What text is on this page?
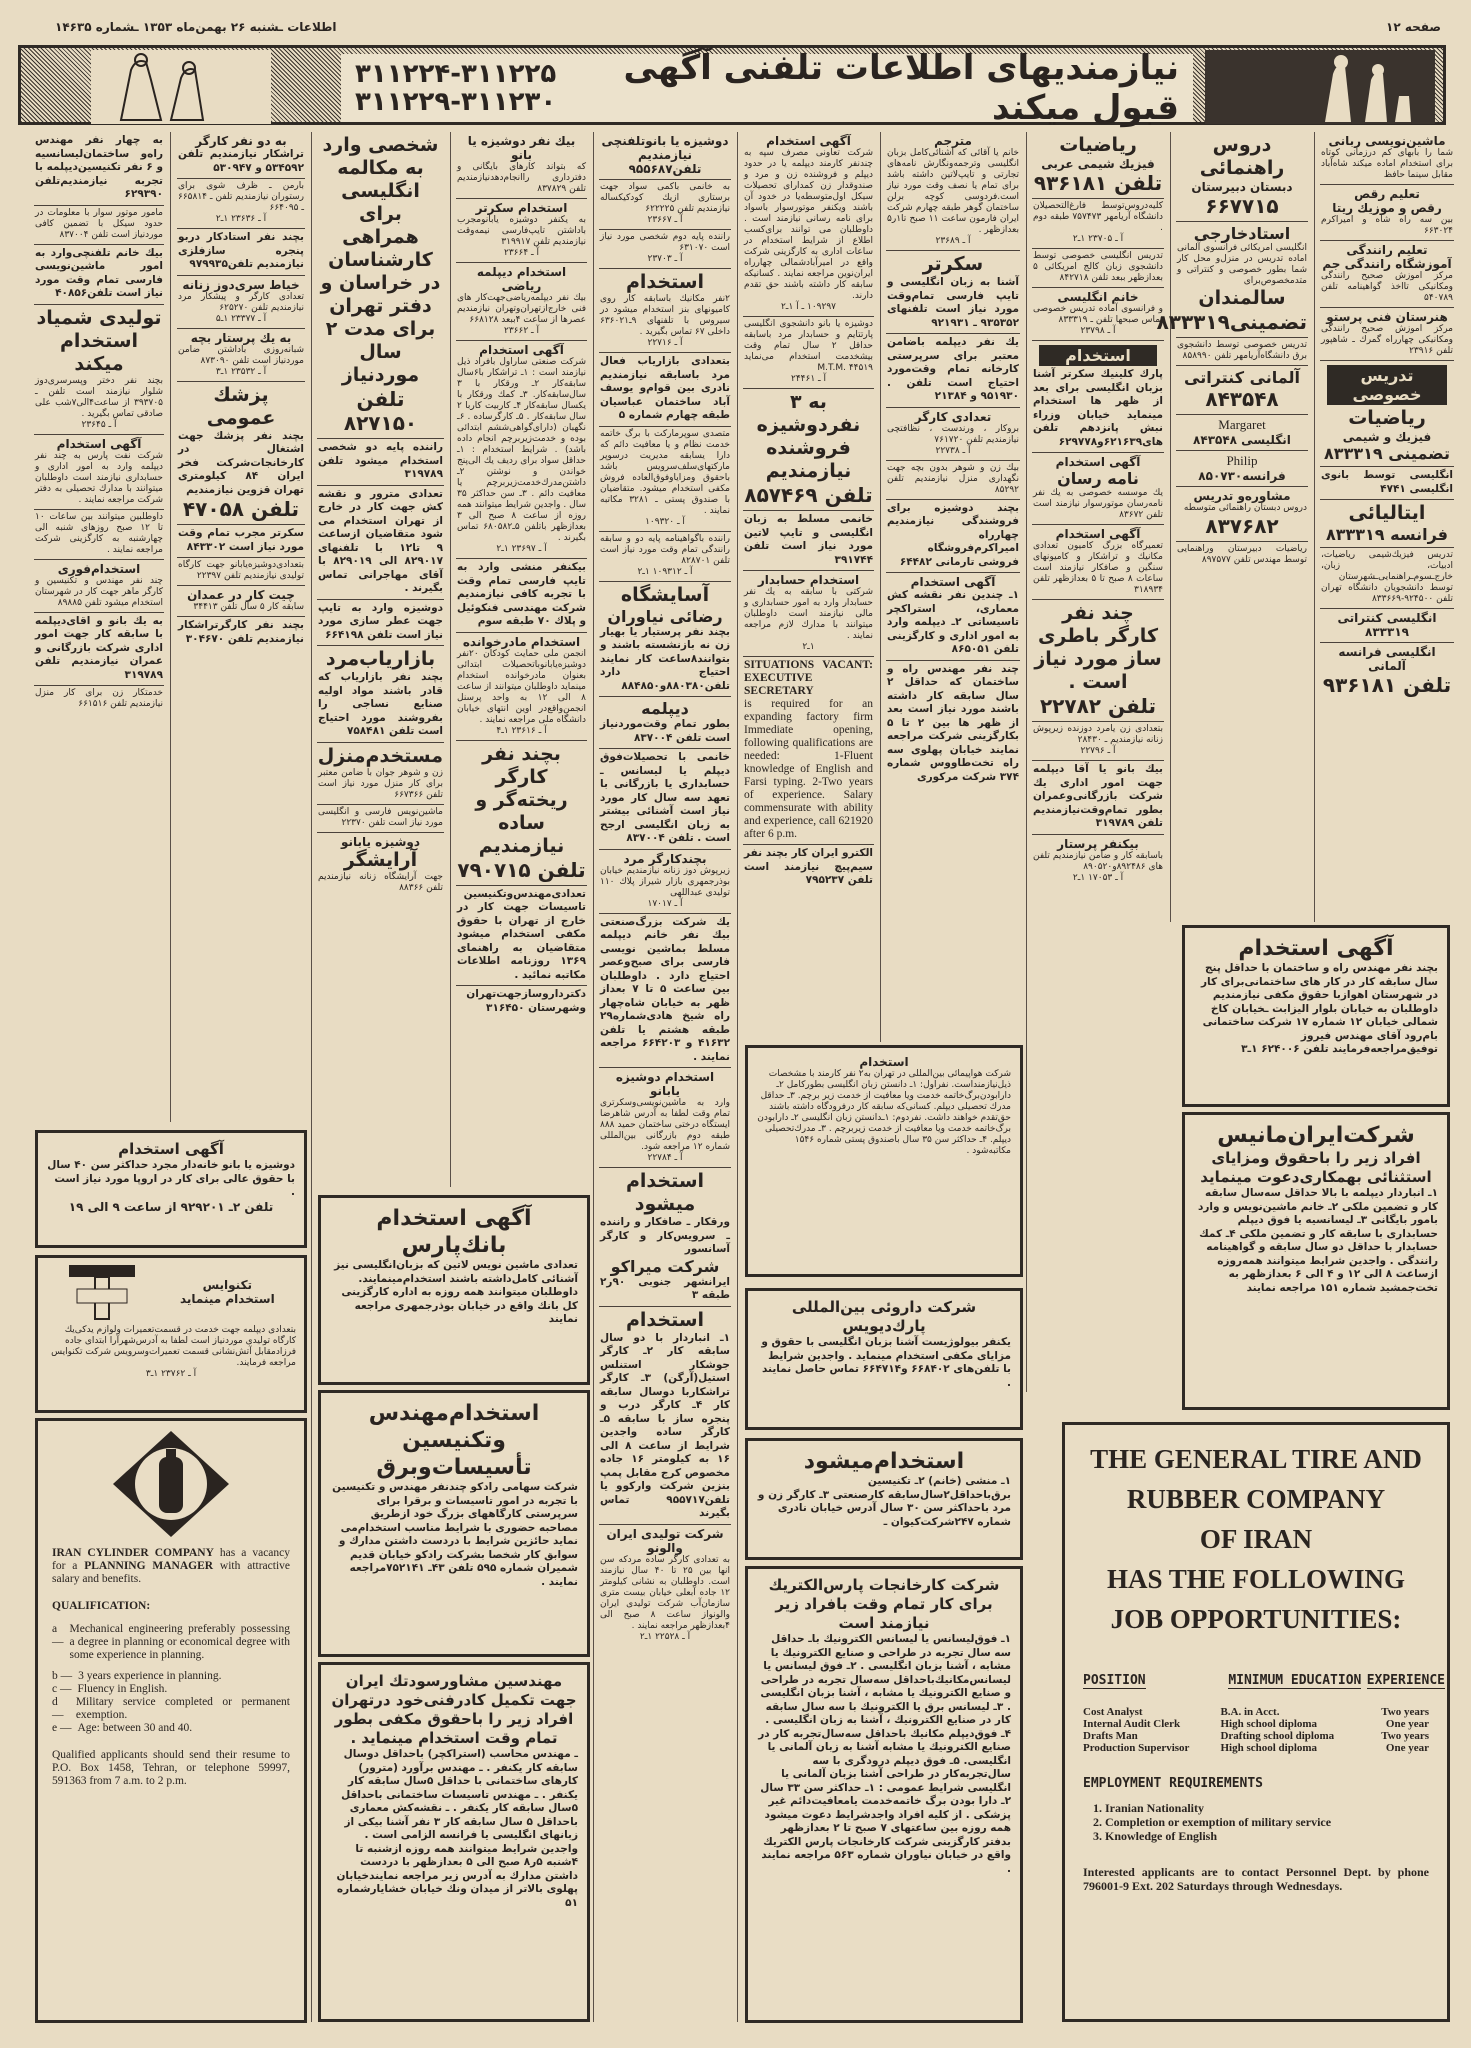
اطلاعات ـشنبه ۲۶ بهمن‌ماه ۱۳۵۳ ـشماره ۱۴۶۳۵	صفحه ۱۲
نیازمندیهای اطلاعات تلفنی آگهی قبول میکند
۳۱۱۲۲۴-۳۱۱۲۲۵
۳۱۱۲۲۹-۳۱۱۲۳۰
به چهار نفر مهندس راه‌و ساختمان‌لیسانسیه و ۶ نفر تکنیسین‌دیپلمه با تجربه نیازمندیم‌تلفن ۶۲۹۳۹۰
مامور موتور سوار با معلومات در حدود سیکل با تضمین کافی موردنیاز است تلفن ۸۳۷۰۰۴
بیك خانم تلفنچی‌وارد به امور ماشین‌نویسی فارسی تمام وقت مورد نیاز است تلفن۴۰۸۵۶
تولیدی شمیاد استخدام میکند
بچند نفر دختر وپسرسری‌دوز شلوار نیازمند است تلفن ـ ۳۹۳۷۰۵ از ساعت۴الی۷شب علی صادقی تماس بگیرید .
آ ـ ۲۳۶۴۵
آگهی استخدام
شرکت نفت پارس به چند نفر دیپلمه وارد به امور اداری و حسابداری نیازمند است داوطلبان میتوانند با مدارك تحصیلی به دفتر شرکت مراجعه نمایند .
داوطلبین میتوانند بین ساعات ۱۰ تا ۱۲ صبح روزهای شنبه الی چهارشنبه به کارگزینی شرکت مراجعه نمایند .
استخدام‌فوری
چند نفر مهندس و تکنیسین و کارگر ماهر جهت کار در شهرستان استخدام میشود تلفن ۸۹۸۸۵
به یك بانو و اقای‌دیپلمه با سابقه کار جهت امور اداری شرکت بازرگانی و عمران نیازمندیم تلفن ۳۱۹۷۸۹
خدمتکار زن برای کار منزل نیازمندیم تلفن ۶۶۱۵۱۶
به دو نفر کارگر
تراشکار نیازمندیم تلفن ۵۳۴۵۹۲ و ۵۳۰۹۴۷
بارمن ـ ظرف شوی برای رستوران نیازمندیم تلفن ـ ۶۶۵۸۱۴ ـ ۶۶۴۰۹۵
آ ـ ۲۳۶۳۶ ۱ـ۲
بچند نفر استادکار دربو پنجره سازفلزی نیازمندیم تلفن۹۷۹۹۳۵
خیاط سری‌دوز زنانه
تعدادی کارگر و پیشکار مرد نیازمندیم تلفن ۶۲۵۲۷۰
آ ـ ۲۳۳۷۷ ۱ـ۵
به یك پرستار بچه
شبانه‌روزی باداشتن ضامن موردنیاز است تلفن ۸۷۳۰۹۰
آ ـ ۲۳۵۳۲ ۱ـ۳
پزشك عمومی
بچند نفر پزشك جهت اشتغال در کارخانجات‌شرکت فخر ایران ۸۴ کیلومتری تهران قزوین نیازمندیم
تلفن ۴۷۰۵۸
سکرتر مجرب تمام وقت مورد نیاز است ۸۴۳۳۰۲
بتعدادی‌دوشیزه‌یابانو جهت کارگاه تولیدی نیازمندیم تلفن ۲۲۳۹۷
چیت کار در عمدان
سابقه کار ۵ سال تلفن ۳۴۴۱۳
بچند نفر کارگرتراشکار نیازمندیم تلفن ۳۰۴۶۷۰
شخصی وارد به مکالمه انگلیسی برای همراهی کارشناسان در خراسان و دفتر تهران برای مدت ۲ سال موردنیاز
تلفن ۸۲۷۱۵۰
راننده پایه دو شخصی استخدام میشود تلفن ۳۱۹۷۸۹
تعدادی مترور و نقشه کش جهت کار در خارج از تهران استخدام می شود متقاضیان ازساعت ۹ تا۱۲ با تلفنهای ۸۲۹۰۱۷ الی ۸۲۹۰۱۹ با آقای مهاجرانی تماس بگیرند .
دوشیزه وارد به تایپ جهت عطر سازی مورد نیاز است تلفن ۶۶۴۱۹۸
بازاریاب‌مرد
بچند نفر بازاریاب که قادر باشند مواد اولیه صنایع نساجی را بفروشند مورد احتیاج است تلفن ۷۵۸۴۸۱
مستخدم‌منزل
زن و شوهر جوان با ضامن معتبر برای کار منزل مورد نیاز است تلفن ۶۶۷۳۶۶
ماشین‌نویس فارسی و انگلیسی مورد نیاز است تلفن ۲۲۳۷۰
دوشیزه یابانو
آرایشگر
جهت آرایشگاه زنانه نیازمندیم تلفن ۸۸۳۶۶
بیك نفر دوشیزه یا بانو
که بتواند کارهای بایگانی و دفترداری راانجام‌دهدنیازمندیم تلفن ۸۳۷۸۲۹
استخدام سکرتر
به یکنفر دوشیزه یابانومجرب باداشتن تایپ‌فارسی نیمه‌وقت نیازمندیم تلفن ۳۱۹۹۱۷
آ ـ ۲۳۶۶۴
استخدام دیپلمه ریاضی
بیك نفر دیپلمه‌ریاضی‌جهت‌کار های فنی خارج‌ازتهران‌وتهران نیازمندیم عصرها از ساعت ۴ببعد ۶۶۸۱۲۸
آ ـ ۲۳۶۶۲
آگهی استخدام
شرکت صنعتی ساراول بافراد ذیل نیازمند است : ۱ـ تراشکار با۶سال سابقه‌کار ۲ـ ورقکار با ۳ سال‌سابقه‌کار. ۳ـ کمك ورقکار با یکسال سابقه‌کار ۴ـ کاربیت کاربا ۲ سال سابقه‌کار . ۵ـ کارگرساده . ۶ـ نگهبان (دارای‌گواهی‌ششم ابتدائی بوده و خدمت‌زیربرچم انجام داده باشد) . شرایط استخدام : ۱ـ حداقل سواد برای ردیف یك الی‌پنج خواندن و نوشتن ۲ـ داشتن‌مدرك‌خدمت‌زیربرچم یا معافیت دائم . ۳ـ سن حداکثر ۳۵ سال . واجدین شرایط میتوانند همه روزه از ساعت ۸ صبح الی ۳ بعدازظهر باتلفن ۵ـ۶۸۰۵۸۲ تماس بگیرند .
آ ـ ۲۳۶۹۷ ۱ـ۲
بیکنفر منشی وارد به تایپ فارسی تمام وقت با تجربه کافی نیازمندیم شرکت مهندسی فنکوئیل و پلاك ۷۰ طبقه سوم
استخدام مادرخوانده
انجمن ملی حمایت کودکان ۲۰نفر دوشیزه‌یابانوبا‌تحصیلات ابتدائی بعنوان مادرخوانده استخدام مینماید داوطلبان میتوانند از ساعت ۸ الی ۱۲ به واحد پرسنل انجمن‌واقع‌در اوین انتهای خیابان دانشگاه ملی مراجعه نمایند .
آ ـ ۲۳۶۱۶ ۱ـ۴
بچند نفر کارگر ریخته‌گر و ساده نیازمندیم
تلفن ۷۹۰۷۱۵
تعدادی‌مهندس‌وتکنیسین تاسیسات جهت کار در خارج از تهران با حقوق مکفی استخدام میشود متقاضیان به راهنمای ۱۳۶۹ روزنامه اطلاعات مکاتبه نمائید .
دکترداروسازجهت‌تهران وشهرستان ۳۱۶۴۵۰
دوشیزه یا بانوتلفنچی نیازمندیم تلفن۹۵۵۶۸۷
به خانمی باکمی سواد جهت برستاری ازیك کودکیکساله نیازمندیم تلفن ۶۲۲۲۲۵
آ ـ ۲۳۶۶۷
راننده پایه دوم شخصی مورد نیاز است ۶۳۱۰۷۰
آ ـ ۲۳۷۰۳
استخدام
۲نفر مکانیك باسابقه کار روی کامیونهای بنز استخدام میشود در سیروس با تلفنهای ۹ـ۶۳۶۰۲۱ داخلی ۶۷ تماس بگیرید .
آ ـ ۲۲۷۱۶
بتعدادی بازاریاب فعال مرد باسابقه نیازمندیم نادری بین قوام‌و یوسف آباد ساختمان عباسیان طبقه چهارم شماره ۵
متصدی سوپرمارکت با برگ خاتمه خدمت نظام و یا معافیت دائم که دارا یسابقه مدیریت درسوپر مارکتهای‌سلف‌سرویس باشد باحقوق ومزایاوفوق‌العاده فروش مکفی استخدام میشود. متقاضیان با صندوق پستی ـ ۳۲۸۱ مکاتبه نمایند .
آ ـ ۱۰۹۳۲۰
راننده باگواهینامه پایه دو و سابقه رانندگی تمام وقت مورد نیاز است تلفن ۸۲۸۷۰۱
آ ـ ۱۰۹۳۱۲ ۱ـ۲
آسایشگاه
رضائی نیاوران
بچند نفر پرستیار یا بهیار زن نه بازنشسته باشند و بتوانند۸ساعت کار نمایند احتیاج دارد تلفن۸۸۰۳۸۰و۸۸۴۸۵۰
دیپلمه
بطور تمام وقت‌موردنیاز است تلفن ۸۳۷۰۰۴
خانمی با تحصیلات‌فوق دیپلم یا لیسانس ـ حسابداری یا بازرگانی با تعهد سه سال کار مورد نیاز است آشنائی بیشتر به زبان انگلیسی ارجح است . تلفن ۸۳۷۰۰۴
بچندکارگر مرد
زیرپوش دوز زنانه نیازمندیم خیابان بوذرجمهری بازار شیراز پلاك ۱۱۰ تولیدی عبداللهی
آ ـ ۱۷۰۱۷
یك شرکت بزرگ‌صنعتی بیك نفر خانم دیپلمه مسلط بماشین نویسی فارسی برای صبح‌وعصر احتیاج دارد . داوطلبان بین ساعت ۵ تا ۷ بعداز ظهر به خیابان شاه‌چهار راه شیخ هادی‌شماره۲۹ طبقه هشتم یا تلفن ۴۱۶۳۲ و ۶۶۴۲۰۳ مراجعه نمایند .
استخدام دوشیزه یابانو
وارد به ماشین‌نویسی‌وسکرتری تمام وقت لطفا به آدرس شاهرضا ایستگاه درختی ساختمان حمید ۸۸۸ طبقه دوم بازرگانی بین‌المللی شماره ۱۲ مراجعه شود.
آ ـ ۲۲۷۸۴
استخدام میشود
ورقکار ـ صافکار و راننده ـ سرویس‌کار و کارگر آسانسور
شرکت میراکو
ایرانشهر جنوبی ۹۰ر۲ طبقه ۳
استخدام
۱ـ انباردار با دو سال سابقه کار ۲ـ کارگر جوشکار استنلس استیل(آرگن) ۳ـ کارگر تراشکاربا دوسال سابقه کار ۴ـ کارگر درب و پنجره ساز با سابقه ۵ـ کارگر ساده واجدین شرایط از ساعت ۸ الی ۱۶ به کیلومتر ۱۶ جاده مخصوص کرج مقابل پمپ بنزین شرکت وارکوو یا تلفن۹۵۵۷۱۷ تماس بگیرند
شرکت تولیدی ایران والونو
به تعدادی کارگر ساده مردکه سن انها بین ۲۵ تا ۴۰ سال نیازمند است. داوطلبان به نشانی کیلومتر ۱۲ جاده آبعلی خیابان بیست متری سازمان‌آب شرکت تولیدی ایران والونواز ساعت ۸ صبح الی ۴بعدازظهر مراجعه نمایند .
آ ـ ۲۲۵۲۸ ۱ـ۲
آگهی استخدام
شرکت تعاونی مصرف سپه به چندنفر کارمند دیپلمه یا در حدود دیپلم و فروشنده زن و مرد و صندوقدار زن کمدارای تحصیلات سیکل اول‌متوسطه‌یا در خدود آن باشند ویکنفر موتورسوار باسواد برای نامه رسانی نیازمند است . داوطلبان می توانند برای‌کسب اطلاع از شرایط استخدام در ساعات اداری به کارگزینی شرکت واقع در امیرآبادشمالی چهارراه ایران‌نوین مراجعه نمایند . کسانیکه سابقه کار داشته باشند حق تقدم دارند.
۱۰۹۲۹۷ ـ آ ۱ـ۲
دوشیزه یا بانو دانشجوی انگلیسی پارتتایم و حسابدار مرد باسابقه حداقل ۲ سال تمام وقت بیشخدمت استخدام می‌نماید M.T.M. ۴۴۵۱۹
آ ـ ۲۴۴۶۱
به ۳ نفردوشیزه فروشنده نیازمندیم
تلفن ۸۵۷۴۶۹
خانمی مسلط به زبان انگلیسی و تایپ لاتین مورد نیاز است تلفن ۳۹۱۷۴۴
استخدام حسابدار
شرکتی با سابقه به یك نفر حسابدار وارد به امور حسابداری و مالی نیازمند است داوطلبان میتوانند با مدارك لازم مراجعه نمایند .
۱ـ۲
SITUATIONS VACANT: EXECUTIVE SECRETARY
is required for an expanding factory firm Immediate opening, following qualifications are needed: 1-Fluent knowledge of English and Farsi typing. 2-Two years of experience. Salary commensurate with ability and experience, call 621920 after 6 p.m.
الکترو ایران کار بچند نفر سیم‌پیچ نیازمند است تلفن ۷۹۵۲۳۷
مترجم
خانم یا آقائی که آشنائی‌کامل بزبان انگلیسی وترجمه‌ونگارش نامه‌های تجارتی و تایپ‌لاتین داشته باشد برای تمام یا نصف وقت مورد نیاز است.فردوسی کوچه برلن ساختمان گوهر طبقه چهارم شرکت ایران فارمون ساعت ۱۱ صبح تا۱ر۵ بعدازظهر .
آ ـ ۲۳۶۸۹
سکرتر
آشنا به زبان انگلیسی و تایپ فارسی تمام‌وقت مورد نیاز است تلفنهای ۹۳۵۳۵۲ ـ ۹۲۱۹۳۱
یك نفر دیپلمه باضامن معتبر برای سرپرستی کارخانه تمام وقت‌مورد احتیاج است تلفن . ۹۵۱۹۳۰ و ۲۱۳۸۴
تعدادی کارگر
بروکار ، ورندست ، نظافتچی نیازمندیم تلفن ۷۶۱۷۲۰
آ ـ ۲۲۷۳۸
بیك زن و شوهر بدون بچه جهت نگهداری منزل نیازمندیم تلفن ۸۵۲۹۲
بچند دوشیزه برای فروشندگی نیازمندیم چهارراه امیراکرم‌فروشگاه فروشی تارمانی ۶۴۴۸۲
آگهی استخدام
۱ـ چندین نفر نقشه کش معماری، استراکچر تاسیساتی ۲ـ دیپلمه وارد به امور اداری و کارگزینی تلفن ۸۶۵۰۵۱
چند نفر مهندس راه و ساختمان که حداقل ۲ سال سابقه کار داشته باشند مورد نیاز است بعد از ظهر ها بین ۲ تا ۵ بکارگزینی شرکت مراجعه نمایند خیابان پهلوی سه راه تخت‌طاووس شماره ۳۷۴ شرکت مرکوری
ریاضیات
فیزیك شیمی عربی
تلفن ۹۳۶۱۸۱
کلیه‌دروس‌توسط فارغ‌التحصیلان دانشگاه آریامهر ۷۵۷۴۷۳ طبقه دوم .
آ ـ ۲۳۷۰۵ ۱ـ۲
تدریس انگلیسی خصوصی توسط دانشجوی زبان کالج امریکائی ۵ بعدازظهر ببعد تلفن ۸۴۲۷۱۸
خانم انگلیسی
و فرانسوی آماده تدریس خصوصی تماس صبحها تلفن ـ ۸۳۳۳۱۹
آ ـ ۲۳۷۹۸
استخدام
پارك کلینیك سکرتر آشنا بزبان انگلیسی برای بعد از ظهر ها استخدام مینماید خیابان وزراء نبش پانزدهم تلفن های۶۲۱۶۳۹و۶۲۹۷۷۸
آگهی استخدام
نامه رسان
یك موسسه خصوصی به یك نفر نامه‌رسان موتورسوار نیازمند است تلفن ۸۳۶۷۲
آگهی استخدام
تعمیرگاه بزرگ کامیون تعدادی مکانیك و تراشکار و کامیونهای سنگین و صافکار نیازمند است ساعات ۸ صبح تا ۵ بعدازظهر تلفن ۳۱۸۹۳۴
چند نفر کارگر باطری ساز مورد نیاز است .
تلفن ۲۲۷۸۲
بتعدادی زن یامرد دوزنده زیرپوش زنانه نیازمندیم ـ ۲۸۴۳۰
آ ـ ۲۲۷۹۶
بیك بانو یا آقا دیپلمه جهت امور اداری یك شرکت بازرگانی‌وعمران بطور تمام‌وقت‌نیازمندیم تلفن ۳۱۹۷۸۹
بیکنفر پرستار
باسابقه کار و ضامن نیازمندیم تلفن های ۸۹۲۴۸۶و۸۹۰۵۲۰
آ ـ ۱۷۰۵۳ ۱ـ۲
دروس راهنمائی
دبستان دبیرستان
۶۶۷۷۱۵
استادخارجی
انگلیسی امریکائی فرانسوی آلمانی اماده تدریس در منزل‌و محل کار شما بطور خصوصی و کنتراتی و متدمخصوص‌برای
سالمندان
تضمینی۸۳۳۳۱۹
تدریس خصوصی توسط دانشجوی برق دانشگاه‌آریامهر تلفن ۸۵۸۹۹۰
آلمانی کنتراتی
۸۴۳۵۴۸
Margaret
انگلیسی ۸۴۳۵۴۸
Philip
فرانسه۸۵۰۷۳۰
مشاوره‌و تدریس
دروس دبستان راهنمائی متوسطه
۸۳۷۶۸۲
ریاضیات دبیرستان وراهنمایی توسط مهندس تلفن ۸۹۷۵۷۷
ماشین‌نویسی ربانی
شما را بابهای کم درزمانی کوتاه برای استخدام اماده میکند شاه‌آباد مقابل سینما حافظ
تعلیم رقص
رقص و موزیك ریتا
بین سه راه شاه و امیراکرم ۶۶۳۰۲۴
تعلیم رانندگی
آموزشگاه رانندگی جم
مرکز اموزش صحیح رانندگی ومکانیکی تااخذ گواهینامه تلفن ۵۴۰۷۸۹
هنرستان فنی پرستو
مرکز اموزش صحیح رانندگی ومکانیکی چهارراه گمرك ـ شاهپور تلفن ۲۳۹۱۶
تدریس خصوصی
ریاضیات
فیزیك و شیمی
تضمینی ۸۳۳۳۱۹
انگلیسی توسط بانوی انگلیسی ۴۷۴۱
ایتالیائی
فرانسه ۸۳۳۳۱۹
تدریس فیزیك‌شیمی ریاضیات، ادبیات، زبان، خارج‌ـسوم‌ـراهنمایی‌ـشهرستان توسط دانشجویان دانشگاه تهران تلفن ۹۲۴۵۰۰-۸۳۳۶۶۹
انگلیسی کنتراتی ۸۳۳۳۱۹
انگلیسی فرانسه آلمانی
تلفن ۹۳۶۱۸۱
آگهی استخدام
دوشیزه یا بانو خانه‌دار مجرد حداکثر سن ۴۰ سال با حقوق عالی برای کار در اروپا مورد نیاز است .
تلفن ۲ـ ۹۲۹۲۰۱ از ساعت ۹ الی ۱۹
تکنوایس
استخدام مینماید
بتعدادی دیپلمه جهت خدمت در قسمت‌تعمیرات ولوازم یدکی‌یك کارگاه تولیدی موردنیاز است لطفا به آدرس‌شهرآرا ابتدای جاده فرزادمقابل آتش‌نشانی قسمت تعمیرات‌وسرویس شرکت تکنوایس مراجعه فرمایند.
آ ـ ۲۳۷۶۲ ۱ـ۳
IRAN CYLINDER COMPANY has a vacancy for a PLANNING MANAGER with attractive salary and benefits.
QUALIFICATION:
a —
Mechanical engineering preferably possessing a degree in planning or economical degree with some experience in planning.
b — 3 years experience in planning.
c — Fluency in English.
d —
Military service completed or permanent exemption.
e — Age: between 30 and 40.
Qualified applicants should send their resume to P.O. Box 1458, Tehran, or telephone 59997, 591363 from 7 a.m. to 2 p.m.
آگهی استخدام
بانك‌پارس
تعدادی ماشین نویس لاتین که بزبان‌انگلیسی نیز آشنائی کامل‌داشته باشند استخدام‌مینمایند. داوطلبان میتوانند همه روزه به اداره کارگزینی کل بانك واقع در خیابان بوذرجمهری مراجعه نمایند
استخدام‌مهندس وتکنیسین تأسیسات‌وبرق
شرکت سهامی رادکو چندنفر مهندس و تکنیسین با تجربه در امور تاسیسات و برقرا برای سرپرستی کارگاههای بزرگ خود ازطریق مصاحبه حضوری با شرایط مناسب استخدام‌می نماید حائزین شرایط با دردست داشتن مدارك و سوابق کار شخصا بشرکت رادکو خیابان قدیم شمیران شماره ۵۹۵ تلفن ۴۳ـ ۷۵۲۱۴۱مراجعه نمایند .
مهندسین مشاورسودتك ایران
جهت تکمیل کادرفنی‌خود درتهران افراد زیر را باحقوق مکفی بطور تمام وقت استخدام مینماید .
ـ مهندس محاسب (استراکچر) باحداقل دوسال سابقه کار یکنفر . ـ مهندس برآورد (مترور) کارهای ساختمانی با حداقل ۵سال سابقه کار یکنفر . ـ مهندس تاسیسات ساختمانی باحداقل ۵سال سابقه کار یکنفر . ـ نقشه‌کش معماری باحداقل ۵ سال سابقه کار ۳ نفر آشنا بیکی از زبانهای انگلیسی یا فرانسه الزامی است . واجدین شرایط میتوانند همه روزه ازشنبه تا ۴شنبه ۵ر۸ صبح الی ۵ بعدازظهر با دردست داشتن مدارك به آدرس زیر مراجعه نمایندخیابان پهلوی بالاتر از میدان ونك خیابان خشایارشماره ۵۱
استخدام
شرکت هواپیمائی بین‌المللی در تهران به۲ نفر کارمند با مشخصات ذیل‌نیازمنداست. نفراول: ۱ـ دانستن زبان انگلیسی بطورکامل ۲ـ دارابودن‌برگ‌خاتمه خدمت ویا معافیت از خدمت زیر برچم. ۳ـ حداقل مدرك تحصیلی دیپلم. کسانی‌که سابقه کار درفرودگاه داشته باشند حق‌تقدم خواهند داشت. نفردوم: ۱ـدانستن زبان انگلیسی ۲ـ دارابودن برگ‌خاتمه خدمت ویا معافیت از خدمت زیربرچم . ۳ـ مدرك‌تحصیلی دیپلم. ۴ـ حداکثر سن ۳۵ سال باصندوق پستی شماره ۱۵۴۶ مکاتبه‌شود .
شرکت داروئی بین‌المللی
پارك‌دیویس
یکنفر بیولوژیست آشنا بزبان انگلیسی با حقوق و مزایای مکفی استخدام مینماید . واجدین شرایط با تلفن‌های ۶۶۸۴۰۲ و۶۶۴۷۱۴ تماس حاصل نمایند .
استخدام‌میشود
۱ـ منشی (خانم) ۲ـ تکنیسین برق‌باحداقل۲سال‌سابقه کارصنعتی ۳ـ کارگر زن و مرد باحداکثر سن ۳۰ سال آدرس خیابان نادری شماره ۲۴۷شرکت‌کیوان ـ
شرکت کارخانجات پارس‌الکتریك برای کار تمام وقت بافراد زیر نیازمند است
۱ـ فوق‌لیسانس یا لیسانس الکترونیك باـ حداقل سه سال تجربه در طراحی و صنایع الکترونیك یا مشابه ، آشنا بزبان انگلیسی . ۲ـ فوق لیسانس یا لیسانس‌مکانیك‌باحداقل سه‌سال تجربه در طراحی و صنایع الکترونیك یا مشابه ، آشنا بزبان انگلیسی . ۳ـ لیسانس برق یا الکترونیك با سه سال سابقه کار در صنایع الکترونیك ، آشنا به زبان انگلیسی . ۴ـ فوق‌دیپلم مکانیك باحداقل سه‌سال‌تجربه کار در صنایع الکترونیك یا مشابه آشنا به زبان آلمانی یا انگلیسی. ۵ـ فوق دیپلم درودگری با سه سال‌تجربه‌کار در طراحی آشنا بزبان آلمانی یا انگلیسی شرایط عمومی : ۱ـ حداکثر سن ۳۳ سال ۲ـ دارا بودن برگ خاتمه‌خدمت یامعافیت‌دائم غیر پزشکی . از کلیه افراد واجدشرایط دعوت میشود همه روزه بین ساعتهای ۷ صبح تا ۲ بعدازظهر بدفتر کارگزینی شرکت کارخانجات پارس الکتریك واقع در خیابان نیاوران شماره ۵۶۳ مراجعه نمایند .
آگهی استخدام
بچند نفر مهندس راه و ساختمان با حداقل پنج سال سابقه کار در کار های ساختمانی‌برای کار در شهرستان اهوازبا حقوق مکفی نیازمندیم داوطلبان به خیابان بلوار الیزابت ـخیابان کاخ شمالی خیابان ۱۲ شماره ۱۷ شرکت ساختمانی بام‌رود آقای مهندس فیروز توفیق‌مراجعه‌فرمایند تلفن ۶۲۴۰۰۶ ۱ـ۳
شرکت‌ایران‌مانیس
افراد زیر را باحقوق ومزایای استثنائی بهمکاری‌دعوت مینماید
۱ـ انباردار دیپلمه با بالا حداقل سه‌سال سابقه کار و تضمین ملکی ۲ـ خانم ماشین‌نویس و وارد بامور بایگانی ۳ـ لیسانسیه یا فوق دیپلم حسابداری با سابقه کار و تضمین ملکی ۴ـ کمك حسابدار با حداقل دو سال سابقه و گواهینامه رانندگی . واجدین شرایط میتوانند همه‌روزه ازساعت ۸ الی ۱۲ و ۴ الی ۶ بعدازظهر به تخت‌جمشید شماره ۱۵۱ مراجعه نمایند
THE GENERAL TIRE AND
RUBBER COMPANY
OF IRAN
HAS THE FOLLOWING
JOB OPPORTUNITIES:
POSITION	MINIMUM EDUCATION EXPERIENCE
Cost Analyst	B.A. in Acct.	Two years
Internal Audit Clerk	High school diploma	One year
Drafts Man	Drafting school diploma	Two years
Production Supervisor	High school diploma	One year
EMPLOYMENT REQUIREMENTS
1. Iranian Nationality
2. Completion or exemption of military service
3. Knowledge of English
Interested applicants are to contact Personnel Dept. by phone 796001-9 Ext. 202 Saturdays through Wednesdays.
